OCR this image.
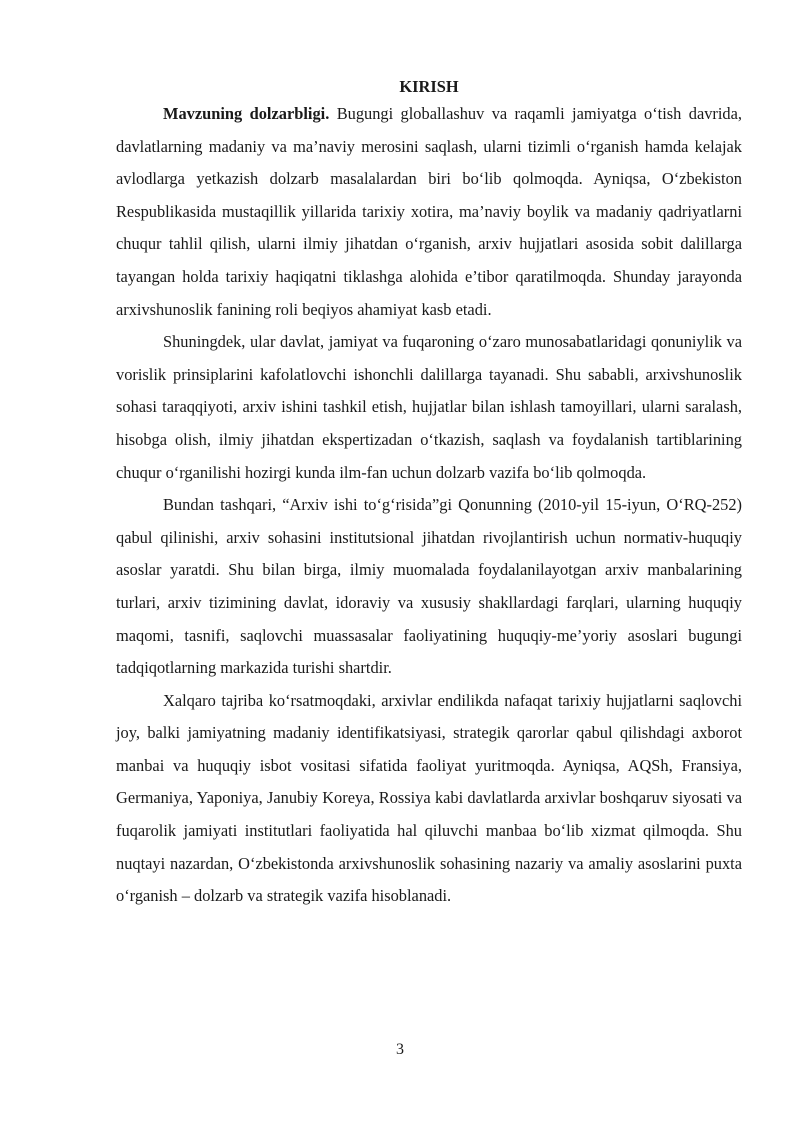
KIRISH

Mavzuning dolzarbligi. Bugungi globallashuv va raqamli jamiyatga o‘tish davrida, davlatlarning madaniy va ma’naviy merosini saqlash, ularni tizimli o‘rganish hamda kelajak avlodlarga yetkazish dolzarb masalalardan biri bo‘lib qolmoqda. Ayniqsa, O‘zbekiston Respublikasida mustaqillik yillarida tarixiy xotira, ma’naviy boylik va madaniy qadriyatlarni chuqur tahlil qilish, ularni ilmiy jihatdan o‘rganish, arxiv hujjatlari asosida sobit dalillarga tayangan holda tarixiy haqiqatni tiklashga alohida e’tibor qaratilmoqda. Shunday jarayonda arxivshunoslik fanining roli beqiyos ahamiyat kasb etadi.

Shuningdek, ular davlat, jamiyat va fuqaroning o‘zaro munosabatlaridagi qonuniylik va vorislik prinsiplarini kafolatlovchi ishonchli dalillarga tayanadi. Shu sababli, arxivshunoslik sohasi taraqqiyoti, arxiv ishini tashkil etish, hujjatlar bilan ishlash tamoyillari, ularni saralash, hisobga olish, ilmiy jihatdan ekspertizadan o‘tkazish, saqlash va foydalanish tartiblarining chuqur o‘rganilishi hozirgi kunda ilm-fan uchun dolzarb vazifa bo‘lib qolmoqda.

Bundan tashqari, “Arxiv ishi to‘g‘risida”gi Qonunning (2010-yil 15-iyun, O‘RQ-252) qabul qilinishi, arxiv sohasini institutsional jihatdan rivojlantirish uchun normativ-huquqiy asoslar yaratdi. Shu bilan birga, ilmiy muomalada foydalanilayotgan arxiv manbalarining turlari, arxiv tizimining davlat, idoraviy va xususiy shakllardagi farqlari, ularning huquqiy maqomi, tasnifi, saqlovchi muassasalar faoliyatining huquqiy-me’yoriy asoslari bugungi tadqiqotlarning markazida turishi shartdir.

Xalqaro tajriba ko‘rsatmoqdaki, arxivlar endilikda nafaqat tarixiy hujjatlarni saqlovchi joy, balki jamiyatning madaniy identifikatsiyasi, strategik qarorlar qabul qilishdagi axborot manbai va huquqiy isbot vositasi sifatida faoliyat yuritmoqda. Ayniqsa, AQSh, Fransiya, Germaniya, Yaponiya, Janubiy Koreya, Rossiya kabi davlatlarda arxivlar boshqaruv siyosati va fuqarolik jamiyati institutlari faoliyatida hal qiluvchi manbaa bo‘lib xizmat qilmoqda. Shu nuqtayi nazardan, O‘zbekistonda arxivshunoslik sohasining nazariy va amaliy asoslarini puxta o‘rganish – dolzarb va strategik vazifa hisoblanadi.

3
